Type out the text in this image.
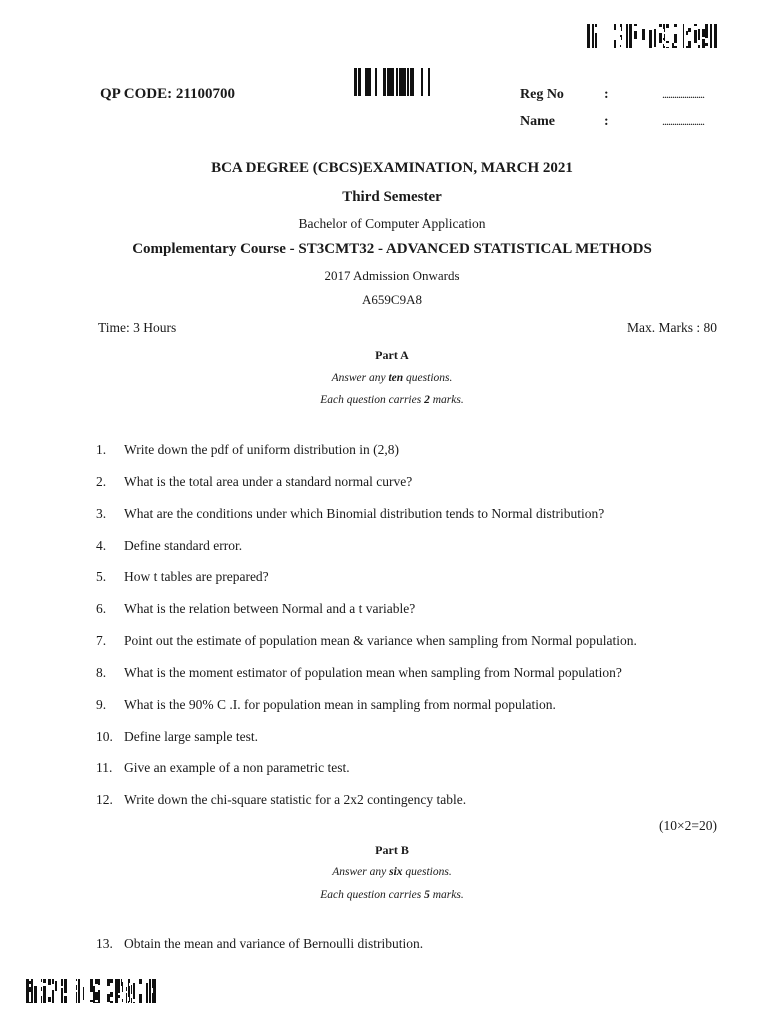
QP CODE: 21100700	Reg No	:	.....................
Name	:	.....................
BCA DEGREE (CBCS)EXAMINATION, MARCH 2021
Third Semester
Bachelor of Computer Application
Complementary Course - ST3CMT32 - ADVANCED STATISTICAL METHODS
2017 Admission Onwards
A659C9A8
Time: 3 Hours	Max. Marks : 80
Part A
Answer any ten questions.
Each question carries 2 marks.
1. Write down the pdf of uniform distribution in (2,8)
2. What is the total area under a standard normal curve?
3. What are the conditions under which Binomial distribution tends to Normal distribution?
4. Define standard error.
5. How t tables are prepared?
6. What is the relation between Normal and a t variable?
7. Point out the estimate of population mean & variance when sampling from Normal population.
8. What is the moment estimator of population mean when sampling from Normal population?
9. What is the 90% C .I. for population mean in sampling from normal population.
10. Define large sample test.
11. Give an example of a non parametric test.
12. Write down the chi-square statistic for a 2x2 contingency table.
(10×2=20)
Part B
Answer any six questions.
Each question carries 5 marks.
13. Obtain the mean and variance of Bernoulli distribution.
